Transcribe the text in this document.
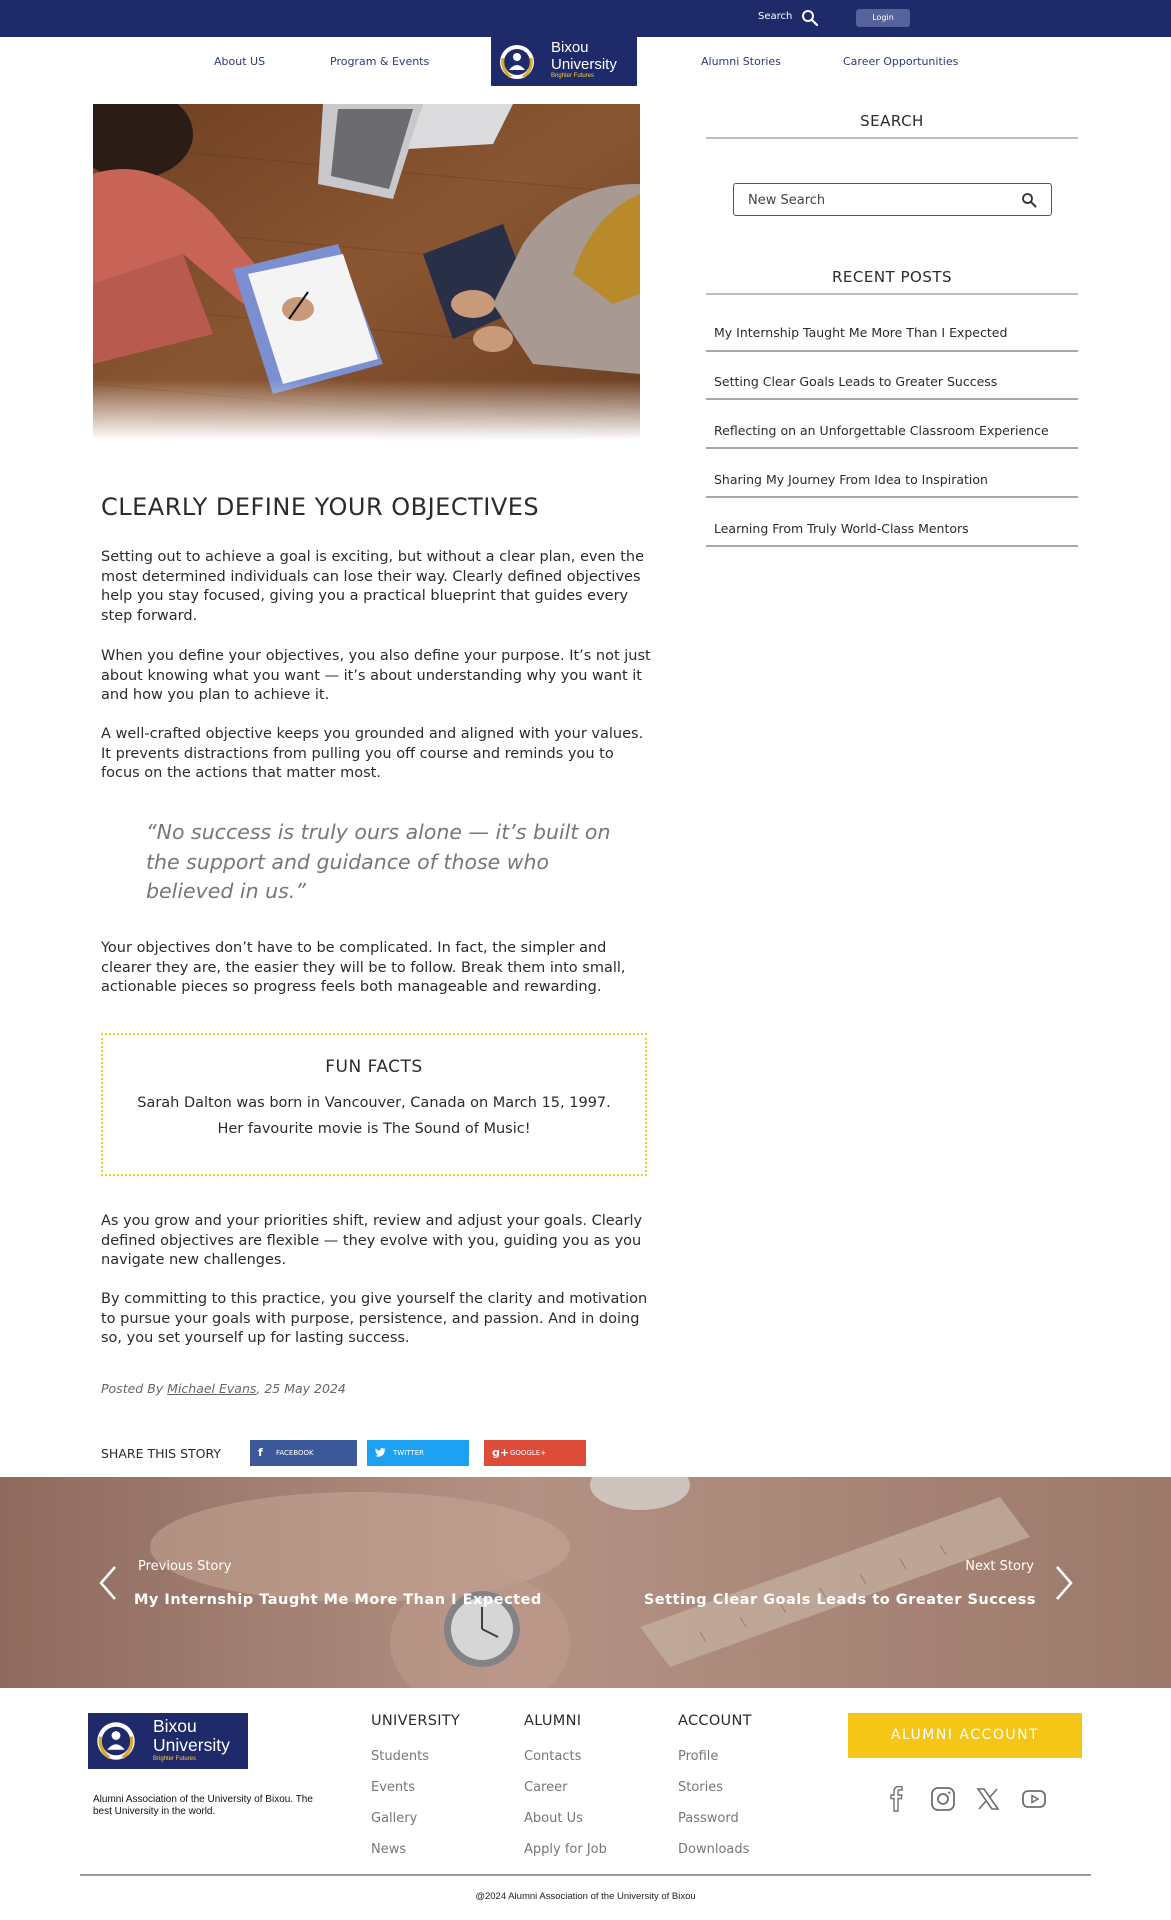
Search	Login
About US	Program & Events
Bixou
University
Brighter Futures
Alumni Stories	Career Opportunities
CLEARLY DEFINE YOUR OBJECTIVES

Setting out to achieve a goal is exciting, but without a clear plan, even the most determined individuals can lose their way. Clearly defined objectives help you stay focused, giving you a practical blueprint that guides every step forward.

When you define your objectives, you also define your purpose. It’s not just about knowing what you want — it’s about understanding why you want it and how you plan to achieve it.

A well-crafted objective keeps you grounded and aligned with your values. It prevents distractions from pulling you off course and reminds you to focus on the actions that matter most.

“No success is truly ours alone — it’s built on the support and guidance of those who believed in us.”

Your objectives don’t have to be complicated. In fact, the simpler and clearer they are, the easier they will be to follow. Break them into small, actionable pieces so progress feels both manageable and rewarding.

FUN FACTS

Sarah Dalton was born in Vancouver, Canada on March 15, 1997.

Her favourite movie is The Sound of Music!

As you grow and your priorities shift, review and adjust your goals. Clearly defined objectives are flexible — they evolve with you, guiding you as you navigate new challenges.

By committing to this practice, you give yourself the clarity and motivation to pursue your goals with purpose, persistence, and passion. And in doing so, you set yourself up for lasting success.

Posted By Michael Evans, 25 May 2024
SHARE THIS STORY	f FACEBOOK	TWITTER	g+ GOOGLE+
SEARCH
New Search
RECENT POSTS
My Internship Taught Me More Than I Expected
Setting Clear Goals Leads to Greater Success
Reflecting on an Unforgettable Classroom Experience
Sharing My Journey From Idea to Inspiration
Learning From Truly World-Class Mentors
Previous Story
My Internship Taught Me More Than I Expected
Next Story
Setting Clear Goals Leads to Greater Success
Bixou
University
Brighter Futures

Alumni Association of the University of Bixou. The best University in the world.

UNIVERSITY
Students
Events
Gallery
News
ALUMNI
Contacts
Career
About Us
Apply for Job
ACCOUNT
Profile
Stories
Password
Downloads
ALUMNI ACCOUNT
@2024 Alumni Association of the University of Bixou
